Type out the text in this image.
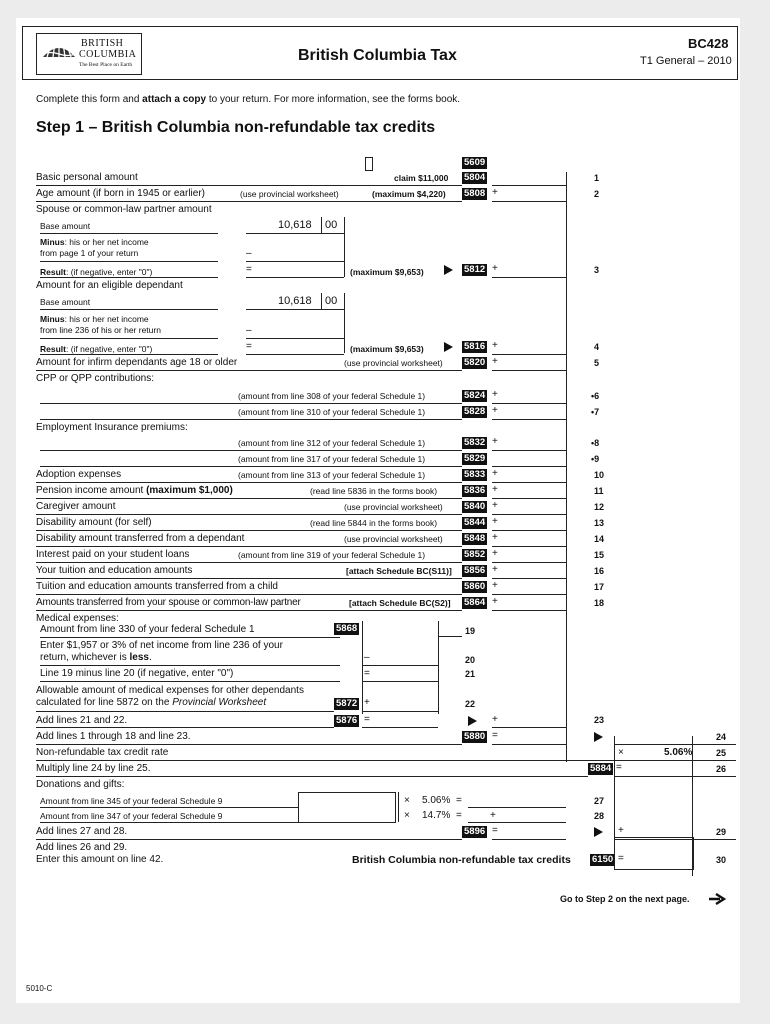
BRITISH
COLUMBIA
The Best Place on Earth
British Columbia Tax
BC428
T1 General – 2010
Complete this form and attach a copy to your return. For more information, see the forms book.
Step 1 – British Columbia non-refundable tax credits
5609
Basic personal amount	claim $11,000 5804	1
Age amount (if born in 1945 or earlier)	(use provincial worksheet)	(maximum $4,220) 5808 +	2
Spouse or common-law partner amount
Base amount	10,618 00
Minus: his or her net income
from page 1 of your return	–
Result: (if negative, enter "0")	=	(maximum $9,653)	5812 +	3
Amount for an eligible dependant
Base amount	10,618 00
Minus: his or her net income
from line 236 of his or her return	–
Result: (if negative, enter "0")	=	(maximum $9,653)	5816 +	4
Amount for infirm dependants age 18 or older	(use provincial worksheet) 5820 +	5
CPP or QPP contributions:
(amount from line 308 of your federal Schedule 1)	5824 +	•6
(amount from line 310 of your federal Schedule 1)	5828 +	•7
Employment Insurance premiums:
(amount from line 312 of your federal Schedule 1)	5832 +	•8
(amount from line 317 of your federal Schedule 1)	5829	•9
Adoption expenses	(amount from line 313 of your federal Schedule 1)	5833 +	10
Pension income amount (maximum $1,000)	(read line 5836 in the forms book)	5836 +	11
Caregiver amount	(use provincial worksheet) 5840 +	12
Disability amount (for self)	(read line 5844 in the forms book)	5844 +	13
Disability amount transferred from a dependant	(use provincial worksheet) 5848 +	14
Interest paid on your student loans	(amount from line 319 of your federal Schedule 1)	5852 +	15
Your tuition and education amounts	[attach Schedule BC(S11)] 5856 +	16
Tuition and education amounts transferred from a child	5860 +	17
Amounts transferred from your spouse or common-law partner	[attach Schedule BC(S2)] 5864 +	18
Medical expenses:
Amount from line 330 of your federal Schedule 1	5868	19
Enter $1,957 or 3% of net income from line 236 of your
return, whichever is less.	–	20
Line 19 minus line 20 (if negative, enter "0")	=	21
Allowable amount of medical expenses for other dependants
calculated for line 5872 on the Provincial Worksheet	5872 +	22
Add lines 21 and 22.	5876 =	+	23
Add lines 1 through 18 and line 23.	5880 =	24
Non-refundable tax credit rate	×	5.06%	25
Multiply line 24 by line 25.	5884 =	26
Donations and gifts:
Amount from line 345 of your federal Schedule 9	× 5.06% =	27
Amount from line 347 of your federal Schedule 9	× 14.7% =	+	28
Add lines 27 and 28.	5896 =	+	29
Add lines 26 and 29.
Enter this amount on line 42.	British Columbia non-refundable tax credits 6150 =	30
Go to Step 2 on the next page.
5010-C
